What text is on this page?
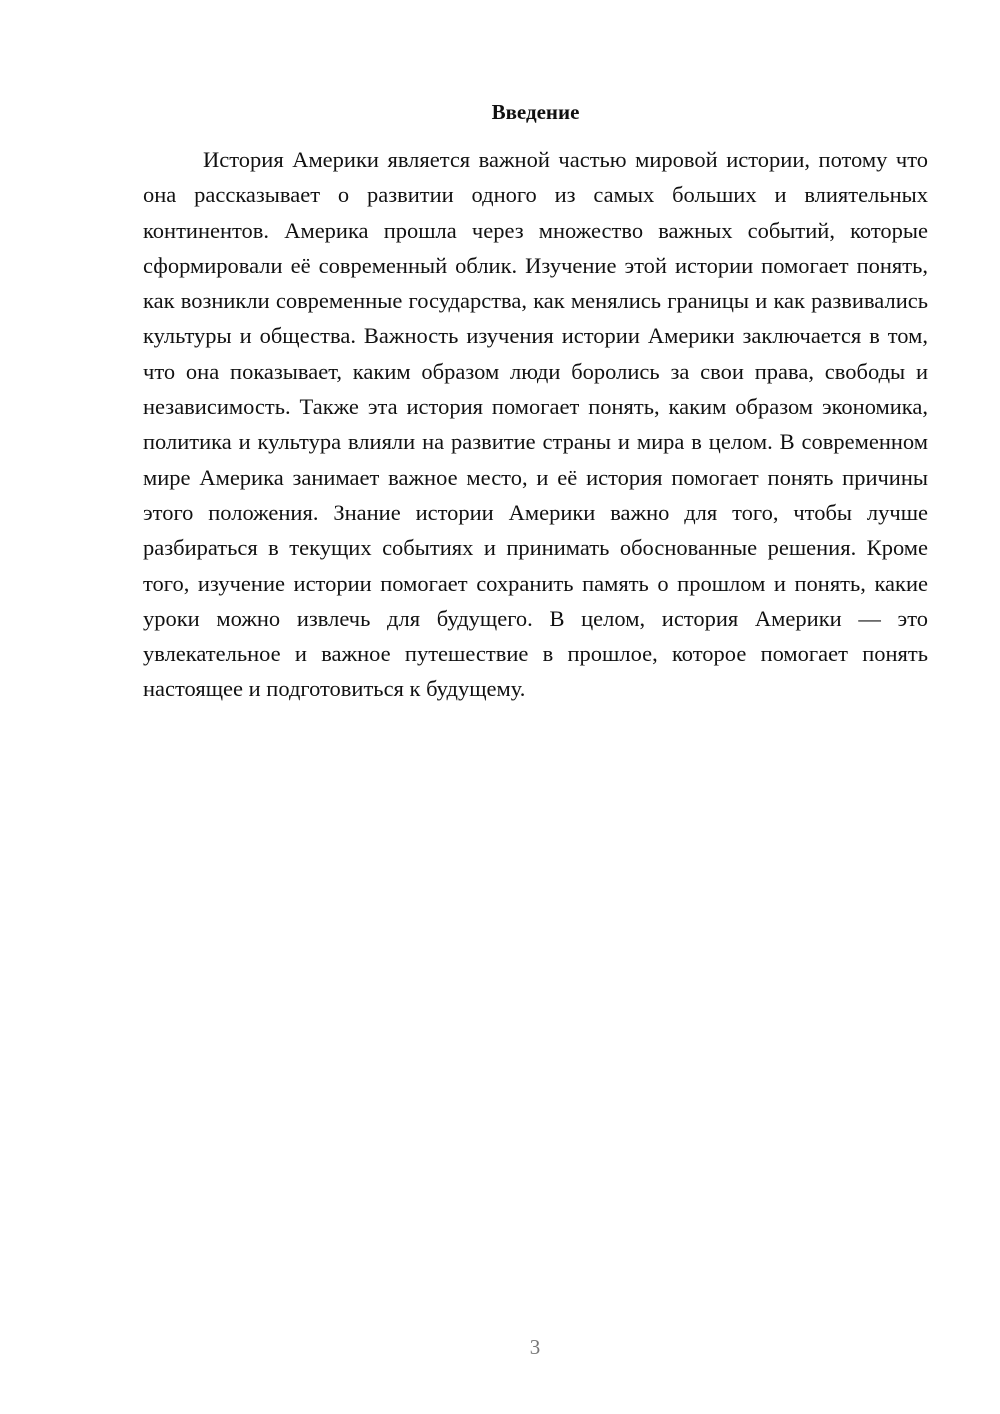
Введение

История Америки является важной частью мировой истории, потому что она рассказывает о развитии одного из самых больших и влиятельных континентов. Америка прошла через множество важных событий, которые сформировали её современный облик. Изучение этой истории помогает понять, как возникли современные государства, как менялись границы и как развивались культуры и общества. Важность изучения истории Америки заключается в том, что она показывает, каким образом люди боролись за свои права, свободы и независимость. Также эта история помогает понять, каким образом экономика, политика и культура влияли на развитие страны и мира в целом. В современном мире Америка занимает важное место, и её история помогает понять причины этого положения. Знание истории Америки важно для того, чтобы лучше разбираться в текущих событиях и принимать обоснованные решения. Кроме того, изучение истории помогает сохранить память о прошлом и понять, какие уроки можно извлечь для будущего. В целом, история Америки — это увлекательное и важное путешествие в прошлое, которое помогает понять настоящее и подготовиться к будущему.

3
